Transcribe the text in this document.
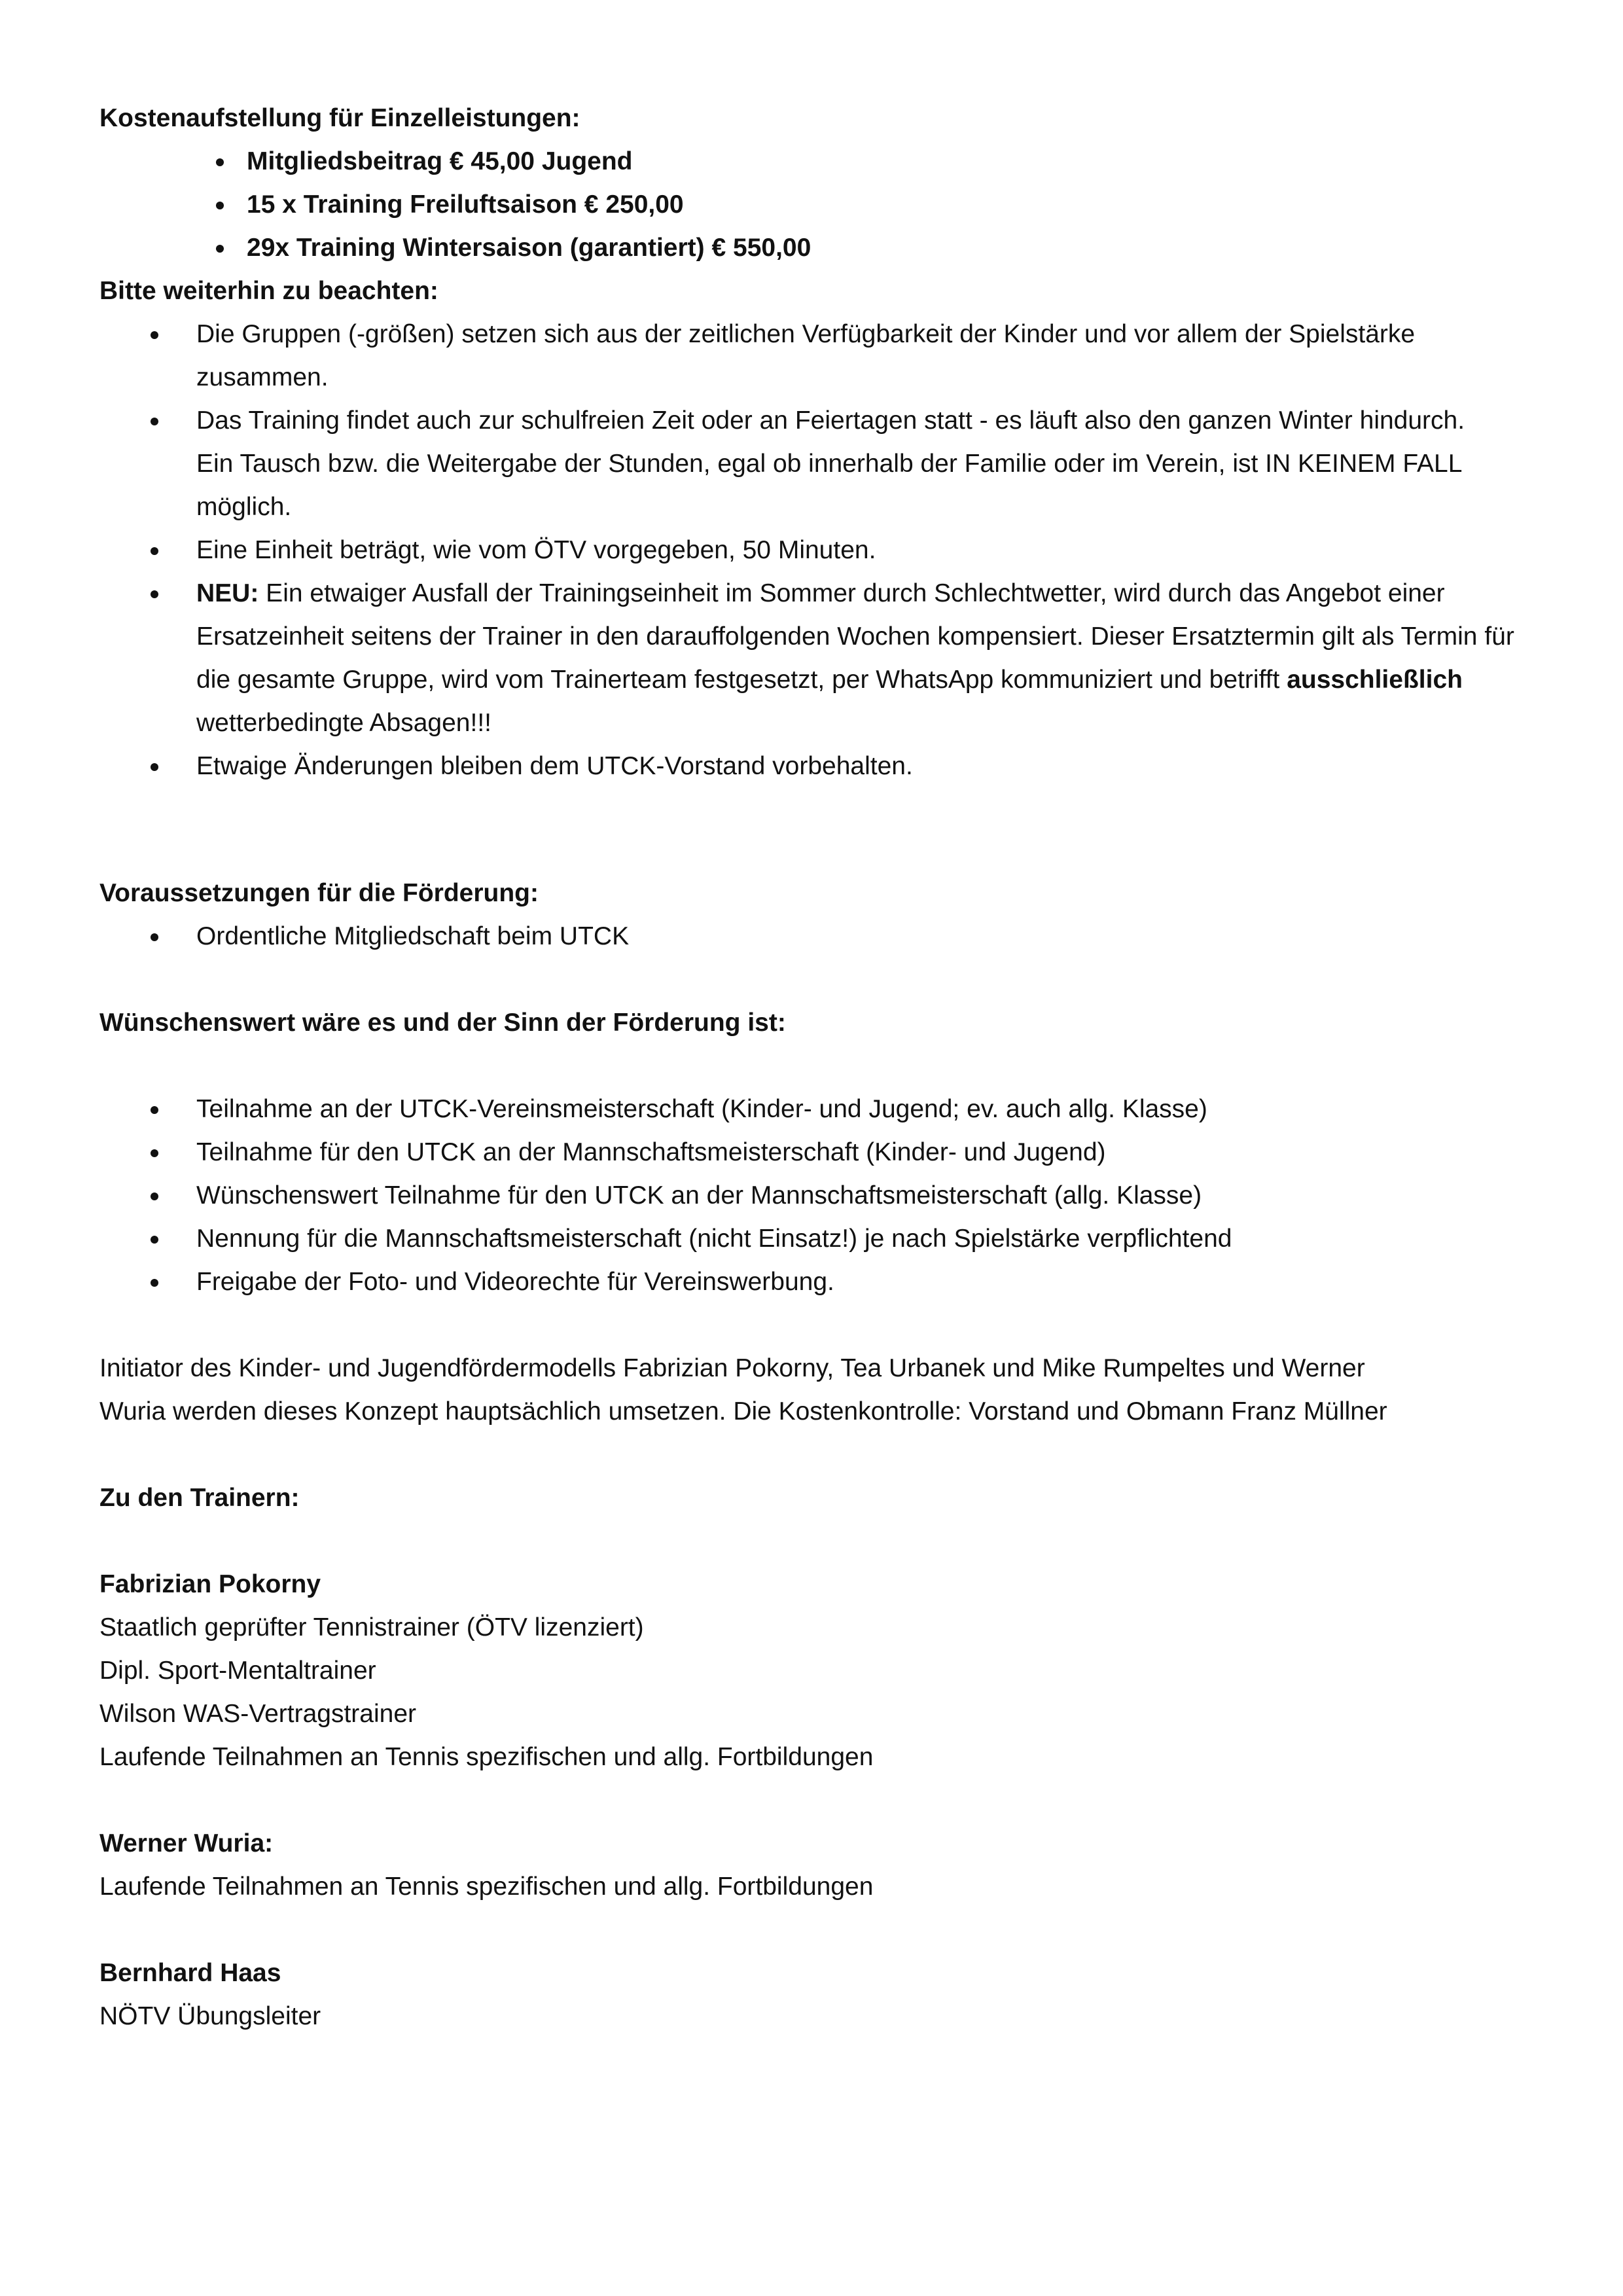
Kostenaufstellung für Einzelleistungen:

Mitgliedsbeitrag € 45,00 Jugend
15 x Training Freiluftsaison € 250,00
29x Training Wintersaison (garantiert) € 550,00

Bitte weiterhin zu beachten:

Die Gruppen (-größen) setzen sich aus der zeitlichen Verfügbarkeit der Kinder und vor allem der Spielstärke zusammen.
Das Training findet auch zur schulfreien Zeit oder an Feiertagen statt - es läuft also den ganzen Winter hindurch.
Ein Tausch bzw. die Weitergabe der Stunden, egal ob innerhalb der Familie oder im Verein, ist IN KEINEM FALL möglich.
Eine Einheit beträgt, wie vom ÖTV vorgegeben, 50 Minuten.
NEU: Ein etwaiger Ausfall der Trainingseinheit im Sommer durch Schlechtwetter, wird durch das Angebot einer Ersatzeinheit seitens der Trainer in den darauffolgenden Wochen kompensiert. Dieser Ersatztermin gilt als Termin für die gesamte Gruppe, wird vom Trainerteam festgesetzt, per WhatsApp kommuniziert und betrifft ausschließlich wetterbedingte Absagen!!!
Etwaige Änderungen bleiben dem UTCK-Vorstand vorbehalten.

Voraussetzungen für die Förderung:

Ordentliche Mitgliedschaft beim UTCK

Wünschenswert wäre es und der Sinn der Förderung ist:

Teilnahme an der UTCK-Vereinsmeisterschaft (Kinder- und Jugend; ev. auch allg. Klasse)
Teilnahme für den UTCK an der Mannschaftsmeisterschaft (Kinder- und Jugend)
Wünschenswert Teilnahme für den UTCK an der Mannschaftsmeisterschaft (allg. Klasse)
Nennung für die Mannschaftsmeisterschaft (nicht Einsatz!) je nach Spielstärke verpflichtend
Freigabe der Foto- und Videorechte für Vereinswerbung.

Initiator des Kinder- und Jugendfördermodells Fabrizian Pokorny, Tea Urbanek und Mike Rumpeltes und Werner

Wuria werden dieses Konzept hauptsächlich umsetzen. Die Kostenkontrolle: Vorstand und Obmann Franz Müllner

Zu den Trainern:

Fabrizian Pokorny

Staatlich geprüfter Tennistrainer (ÖTV lizenziert)

Dipl. Sport-Mentaltrainer

Wilson WAS-Vertragstrainer

Laufende Teilnahmen an Tennis spezifischen und allg. Fortbildungen

Werner Wuria:

Laufende Teilnahmen an Tennis spezifischen und allg. Fortbildungen

Bernhard Haas

NÖTV Übungsleiter
